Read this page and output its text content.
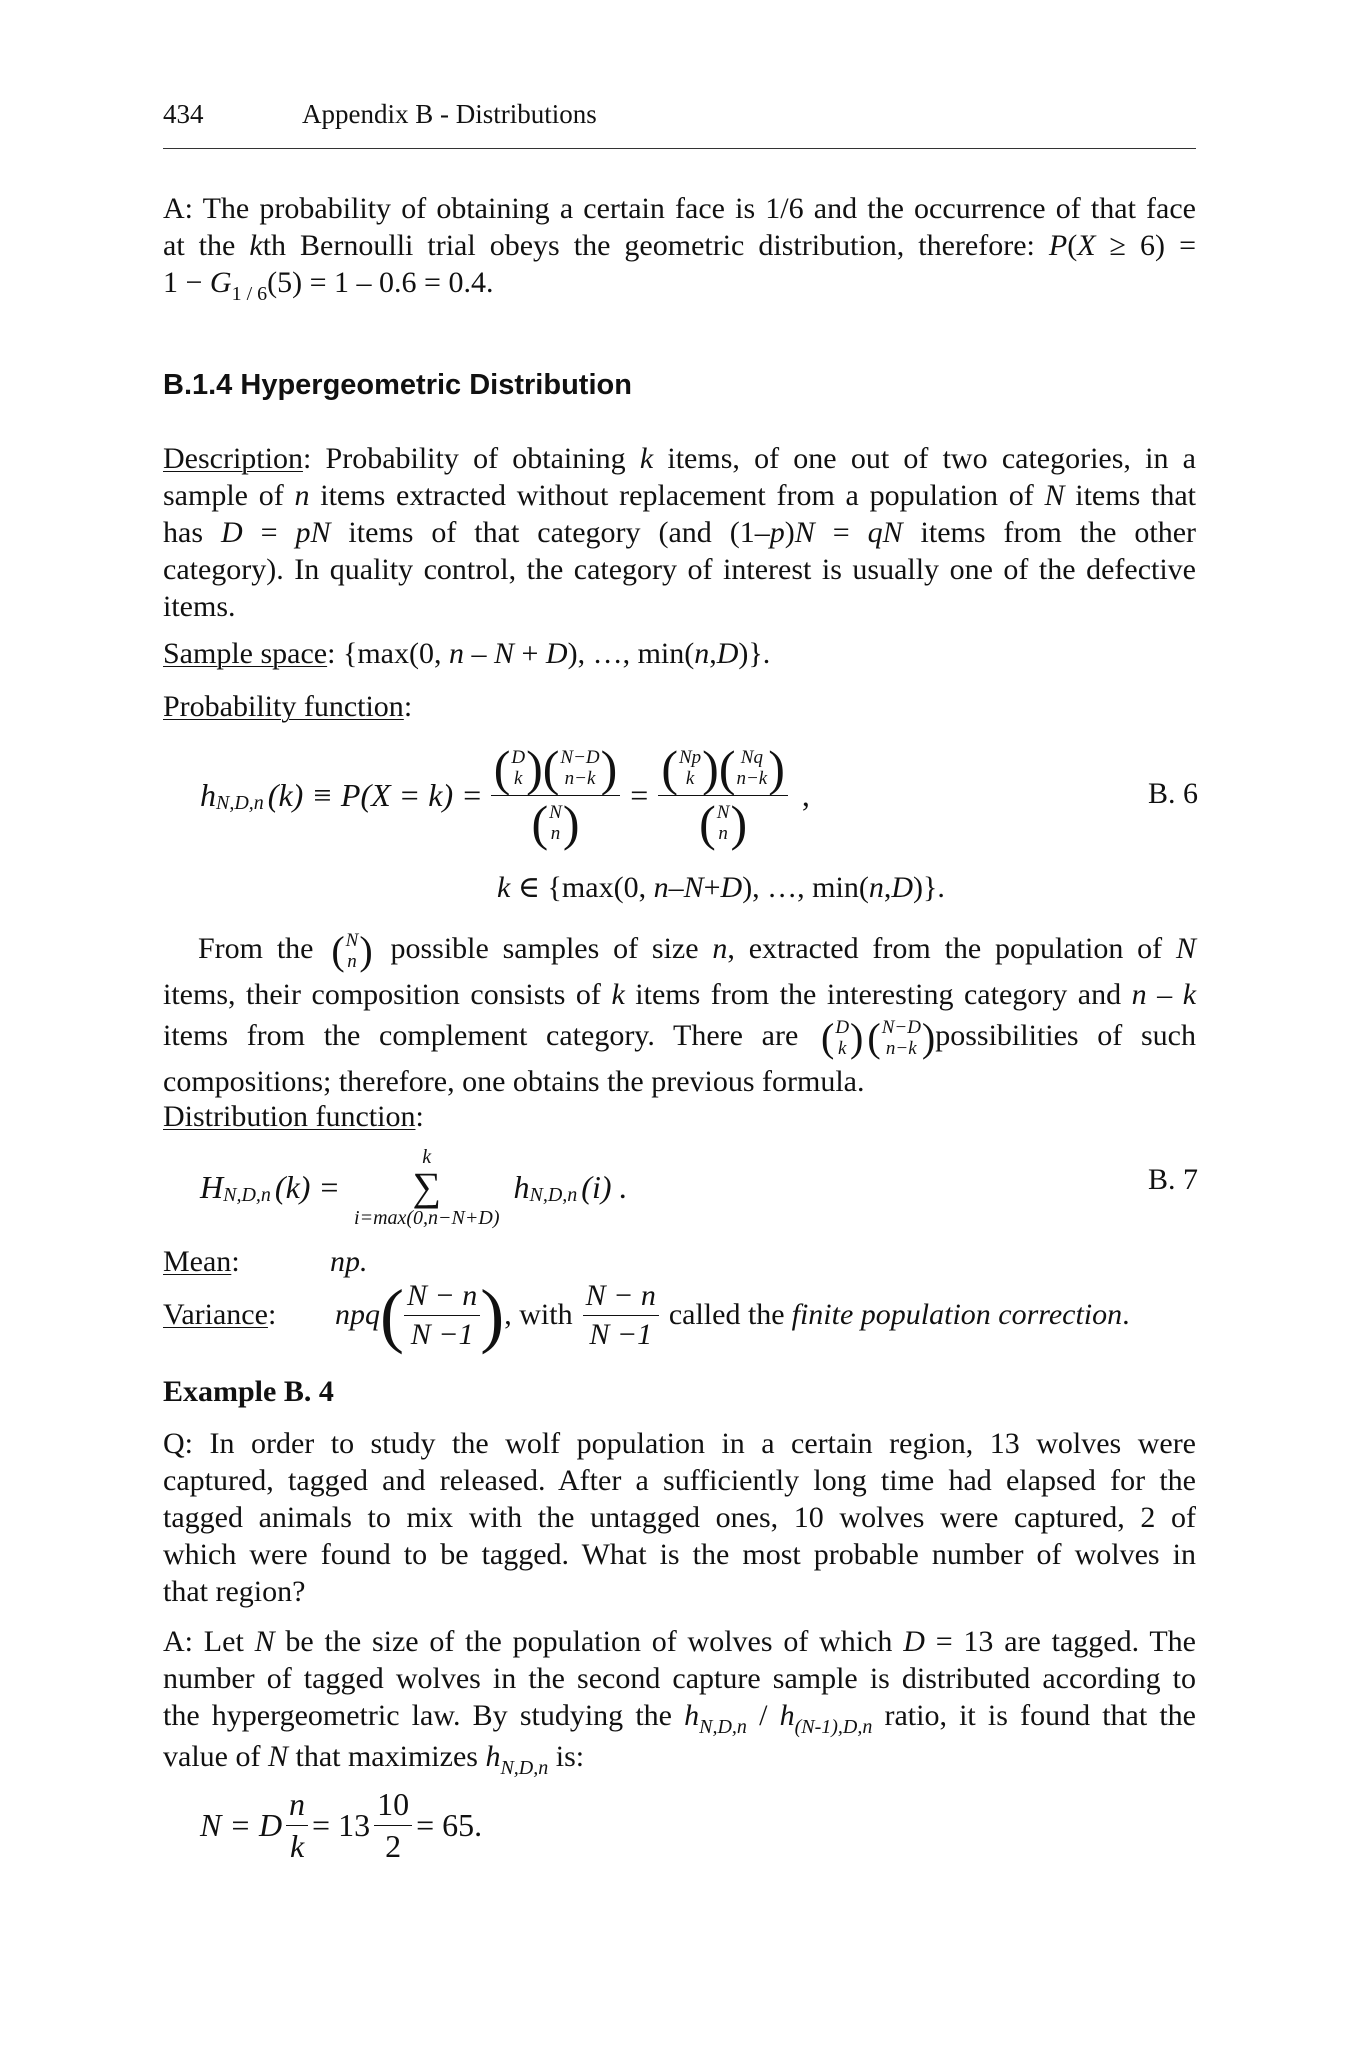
434	Appendix B - Distributions
A: The probability of obtaining a certain face is 1/6 and the occurrence of that face
at the kth Bernoulli trial obeys the geometric distribution, therefore: P(X ≥ 6) =
$1 - G_{1 / 6}(5) = 1 - 0.6 = 0.4$.
B.1.4 Hypergeometric Distribution
Description: Probability of obtaining k items, of one out of two categories, in a
sample of n items extracted without replacement from a population of N items that
has D = pN items of that category (and (1–p)N = qN items from the other
category). In quality control, the category of interest is usually one of the defective
items.
Sample space: {max(0, n – N + D), …, min(n,D)}.
Probability function:
h N,D,n (k) ≡ P(X = k) = ( D
k ) ( N−D
n−k )
( N
n ) = ( Np
k ) ( Nq
n−k )
( N
n ) ,	B. 6
k ∈ {max(0, n–N+D), …, min(n,D)}.
From the ( N
n ) possible samples of size n, extracted from the population of N
items, their composition consists of k items from the interesting category and n – k
items from the complement category. There are ( D
k ) ( N−D
n−k ) possibilities of such
compositions; therefore, one obtains the previous formula.
Distribution function:
H N,D,n (k) =
k
∑
i=max(0,n−N+D)
h N,D,n (i) .	B. 7
Mean:	np.
Variance: npq ( $\frac{N - n}{N -1}$ ) , with $\frac{N - n}{N -1}$ called the finite population correction .
Example B. 4
Q: In order to study the wolf population in a certain region, 13 wolves were
captured, tagged and released. After a sufficiently long time had elapsed for the
tagged animals to mix with the untagged ones, 10 wolves were captured, 2 of
which were found to be tagged. What is the most probable number of wolves in
that region?
A: Let N be the size of the population of wolves of which D = 13 are tagged. The
number of tagged wolves in the second capture sample is distributed according to
the hypergeometric law. By studying the $h_{N,D,n} / h_{(N-1),D,n}$ ratio, it is found that the
value of N that maximizes $h_{N,D,n}$ is:
N = D $\frac{n}{k} = 13 \frac{10}{2} = 65$.
